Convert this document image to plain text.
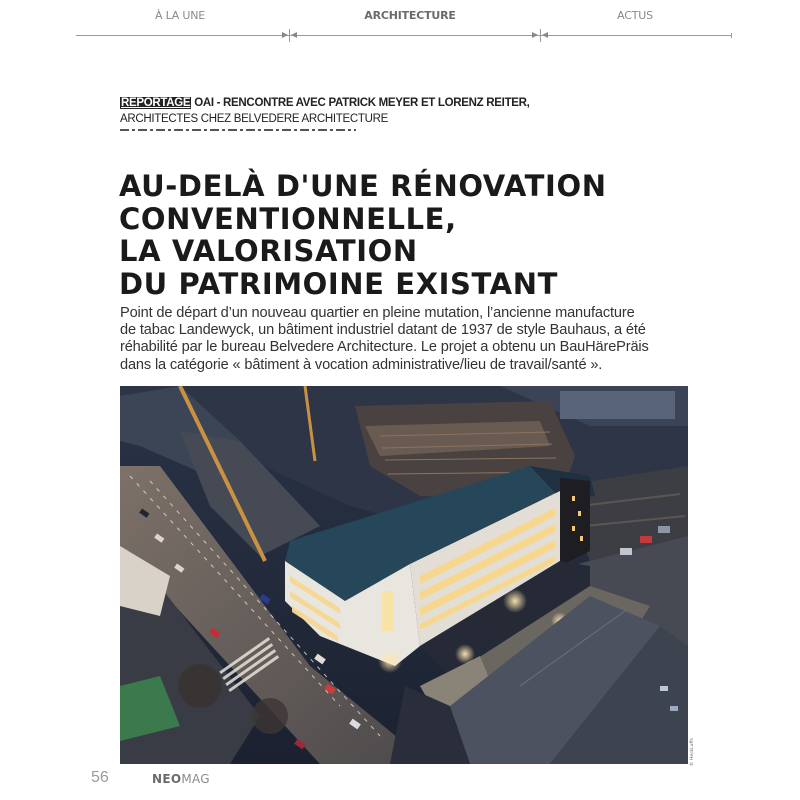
À LA UNE	ARCHITECTURE	ACTUS
REPORTAGE OAI - RENCONTRE AVEC PATRICK MEYER ET LORENZ REITER,
ARCHITECTES CHEZ BELVEDERE ARCHITECTURE
AU-DELÀ D'UNE RÉNOVATION
CONVENTIONNELLE,
LA VALORISATION
DU PATRIMOINE EXISTANT
Point de départ d’un nouveau quartier en pleine mutation, l’ancienne manufacture
de tabac Landewyck, un bâtiment industriel datant de 1937 de style Bauhaus, a été
réhabilité par le bureau Belvedere Architecture. Le projet a obtenu un BauHärePräis
dans la catégorie « bâtiment à vocation administrative/lieu de travail/santé ».
© HeckLuffs
56	NEOMAG
